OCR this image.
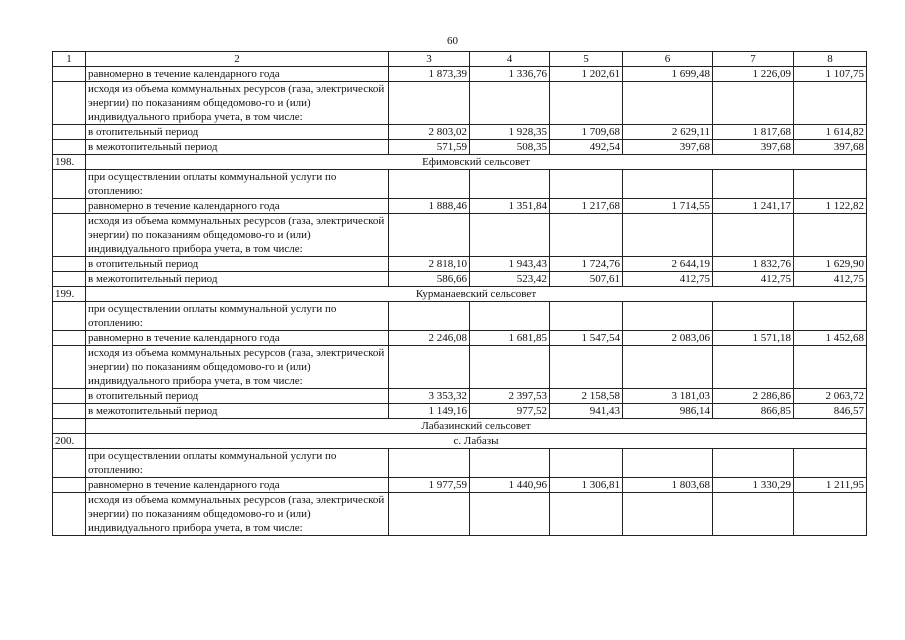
60
1	2	3	4	5	6	7	8
	равномерно в течение календарного года	1 873,39	1 336,76	1 202,61	1 699,48	1 226,09	1 107,75
	исходя из объема коммунальных ресурсов (газа, электрической энергии) по показаниям общедомово-го и (или) индивидуального прибора учета, в том числе:						
	в отопительный период	2 803,02	1 928,35	1 709,68	2 629,11	1 817,68	1 614,82
	в межотопительный период	571,59	508,35	492,54	397,68	397,68	397,68
198.	Ефимовский сельсовет						
	при осуществлении оплаты коммунальной услуги по отоплению:						
	равномерно в течение календарного года	1 888,46	1 351,84	1 217,68	1 714,55	1 241,17	1 122,82
	исходя из объема коммунальных ресурсов (газа, электрической энергии) по показаниям общедомово-го и (или) индивидуального прибора учета, в том числе:						
	в отопительный период	2 818,10	1 943,43	1 724,76	2 644,19	1 832,76	1 629,90
	в межотопительный период	586,66	523,42	507,61	412,75	412,75	412,75
199.	Курманаевский сельсовет						
	при осуществлении оплаты коммунальной услуги по отоплению:						
	равномерно в течение календарного года	2 246,08	1 681,85	1 547,54	2 083,06	1 571,18	1 452,68
	исходя из объема коммунальных ресурсов (газа, электрической энергии) по показаниям общедомово-го и (или) индивидуального прибора учета, в том числе:						
	в отопительный период	3 353,32	2 397,53	2 158,58	3 181,03	2 286,86	2 063,72
	в межотопительный период	1 149,16	977,52	941,43	986,14	866,85	846,57
	Лабазинский сельсовет						
200.	с. Лабазы						
	при осуществлении оплаты коммунальной услуги по отоплению:						
	равномерно в течение календарного года	1 977,59	1 440,96	1 306,81	1 803,68	1 330,29	1 211,95
	исходя из объема коммунальных ресурсов (газа, электрической энергии) по показаниям общедомово-го и (или) индивидуального прибора учета, в том числе:						
